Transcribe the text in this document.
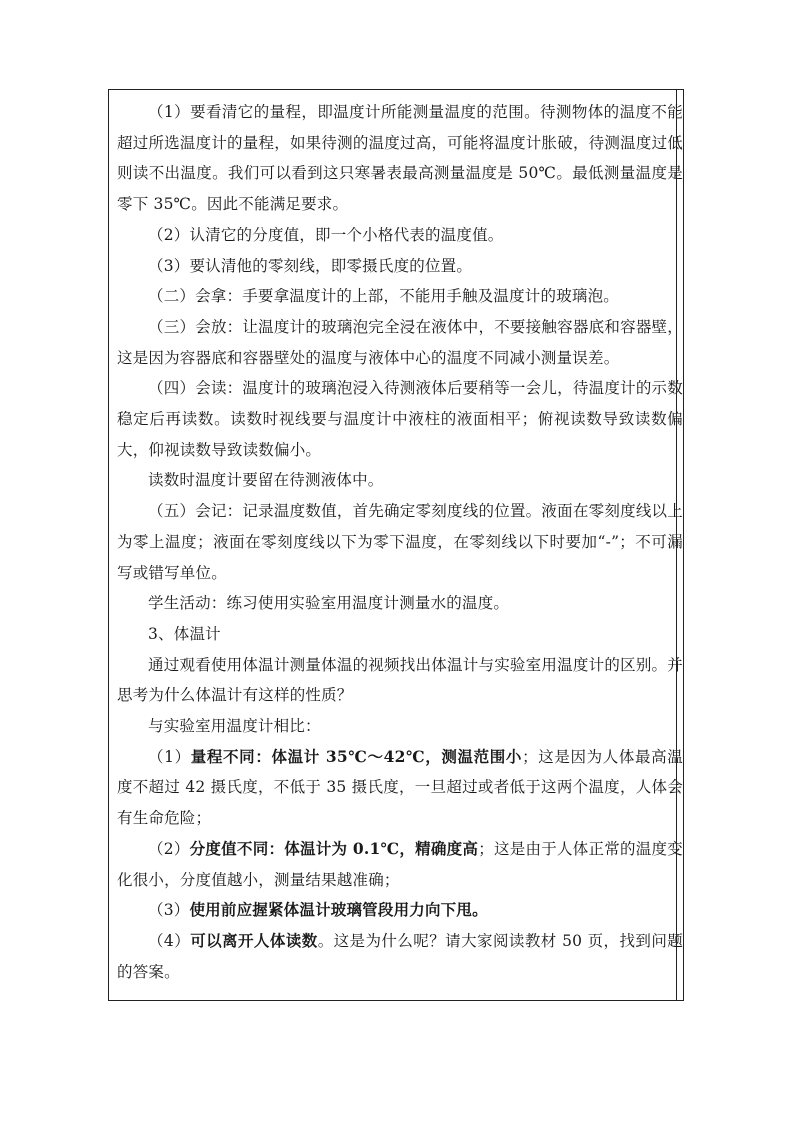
（1）要看清它的量程，即温度计所能测量温度的范围。待测物体的温度不能超过所选温度计的量程，如果待测的温度过高，可能将温度计胀破，待测温度过低则读不出温度。我们可以看到这只寒暑表最高测量温度是 50℃。最低测量温度是零下 35℃。因此不能满足要求。

（2）认清它的分度值，即一个小格代表的温度值。

（3）要认清他的零刻线，即零摄氏度的位置。

（二）会拿：手要拿温度计的上部，不能用手触及温度计的玻璃泡。

（三）会放：让温度计的玻璃泡完全浸在液体中，不要接触容器底和容器壁，这是因为容器底和容器壁处的温度与液体中心的温度不同减小测量误差。

（四）会读：温度计的玻璃泡浸入待测液体后要稍等一会儿，待温度计的示数稳定后再读数。读数时视线要与温度计中液柱的液面相平；俯视读数导致读数偏大，仰视读数导致读数偏小。

读数时温度计要留在待测液体中。

（五）会记：记录温度数值，首先确定零刻度线的位置。液面在零刻度线以上为零上温度；液面在零刻度线以下为零下温度，在零刻线以下时要加“-”；不可漏写或错写单位。

学生活动：练习使用实验室用温度计测量水的温度。

3、体温计

通过观看使用体温计测量体温的视频找出体温计与实验室用温度计的区别。并思考为什么体温计有这样的性质？

与实验室用温度计相比：

（1）量程不同：体温计 35℃～42℃，测温范围小；这是因为人体最高温度不超过 42 摄氏度，不低于 35 摄氏度，一旦超过或者低于这两个温度，人体会有生命危险；

（2）分度值不同：体温计为 0.1℃，精确度高；这是由于人体正常的温度变化很小，分度值越小，测量结果越准确；

（3）使用前应握紧体温计玻璃管段用力向下甩。

（4）可以离开人体读数。这是为什么呢？请大家阅读教材 50 页，找到问题的答案。
